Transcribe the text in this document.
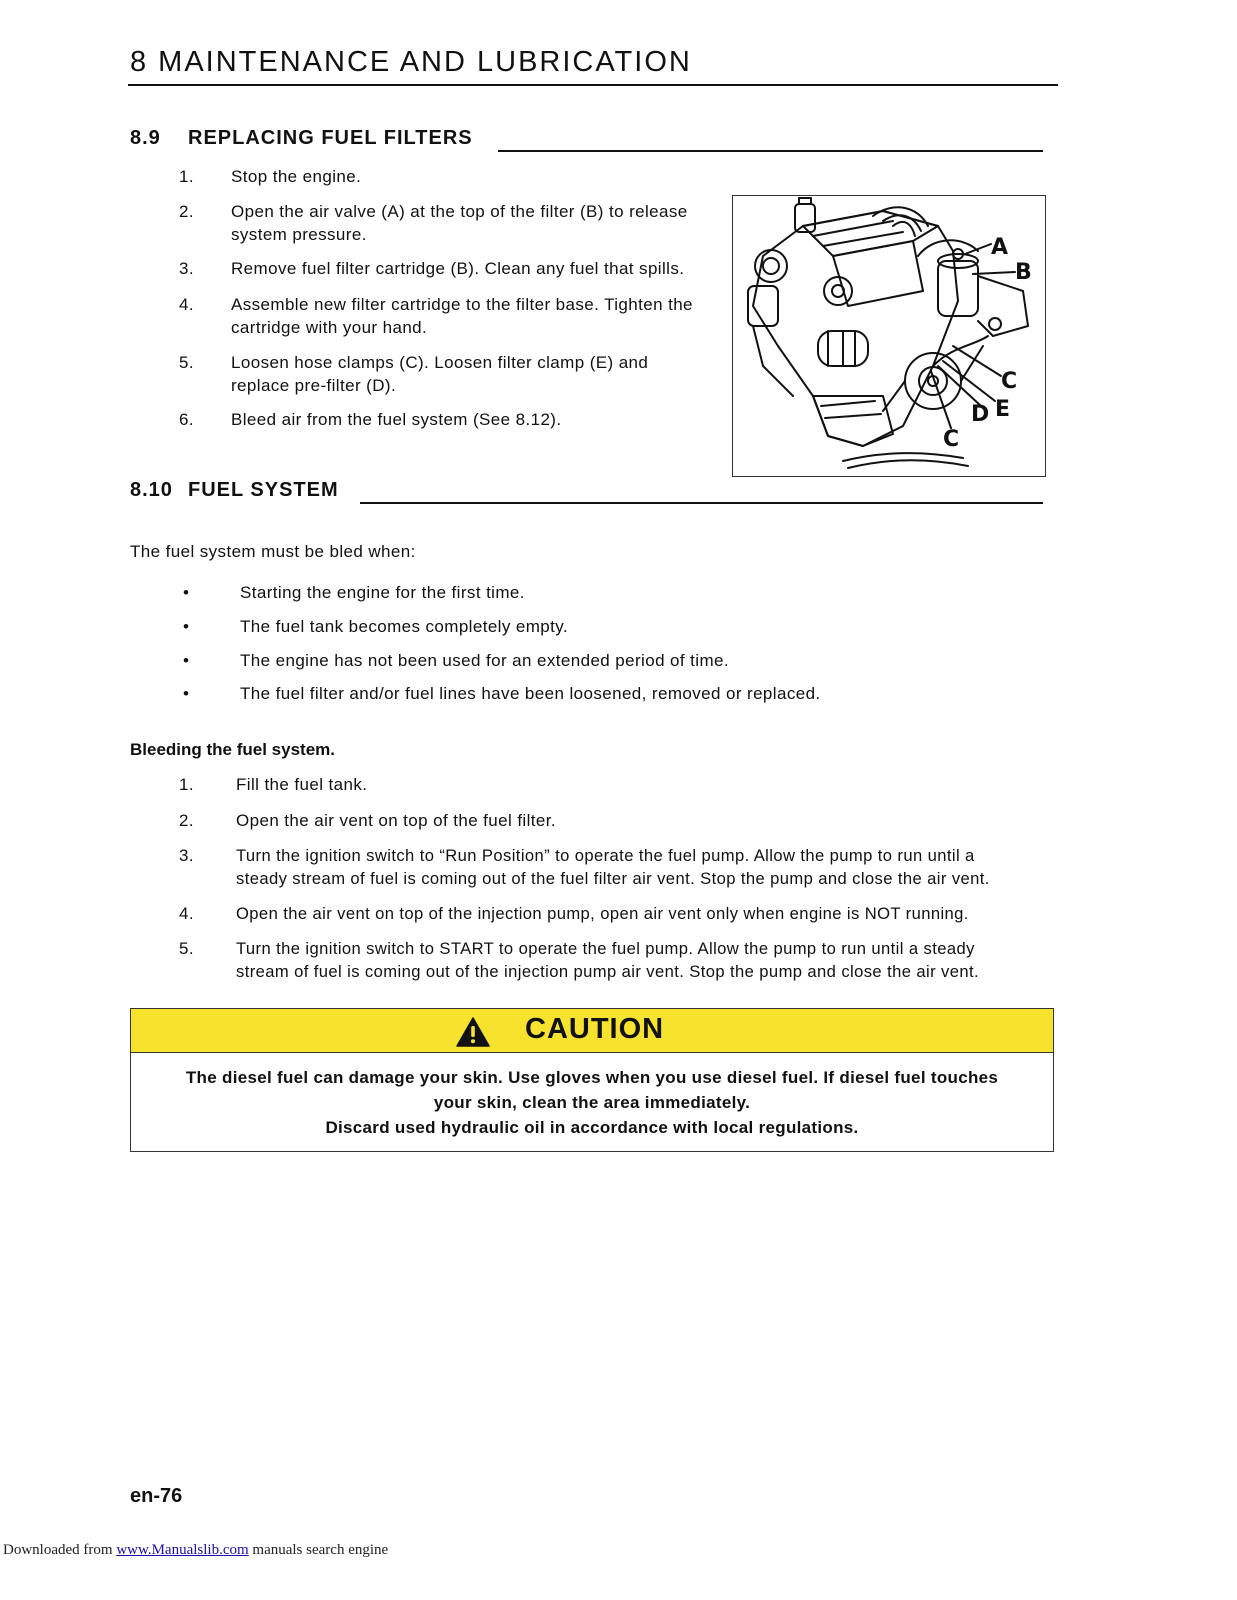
8 MAINTENANCE AND LUBRICATION
8.9 REPLACING FUEL FILTERS
1. Stop the engine.
2. Open the air valve (A) at the top of the filter (B) to release
system pressure.
3. Remove fuel filter cartridge (B). Clean any fuel that spills.
4. Assemble new filter cartridge to the filter base. Tighten the
cartridge with your hand.
5. Loosen hose clamps (C). Loosen filter clamp (E) and
replace pre-filter (D).
6. Bleed air from the fuel system (See 8.12).
A
B
C
E
D
C
8.10 FUEL SYSTEM
The fuel system must be bled when:
•	Starting the engine for the first time.
•	The fuel tank becomes completely empty.
•	The engine has not been used for an extended period of time.
•	The fuel filter and/or fuel lines have been loosened, removed or replaced.
Bleeding the fuel system.
1. Fill the fuel tank.
2. Open the air vent on top of the fuel filter.
3.	Turn the ignition switch to “Run Position” to operate the fuel pump. Allow the pump to run until a
steady stream of fuel is coming out of the fuel filter air vent. Stop the pump and close the air vent.
4.	Open the air vent on top of the injection pump, open air vent only when engine is NOT running.
5.	Turn the ignition switch to START to operate the fuel pump. Allow the pump to run until a steady
stream of fuel is coming out of the injection pump air vent. Stop the pump and close the air vent.
CAUTION
The diesel fuel can damage your skin. Use gloves when you use diesel fuel. If diesel fuel touches
your skin, clean the area immediately.
Discard used hydraulic oil in accordance with local regulations.
en-76
Downloaded from www.Manualslib.com manuals search engine
